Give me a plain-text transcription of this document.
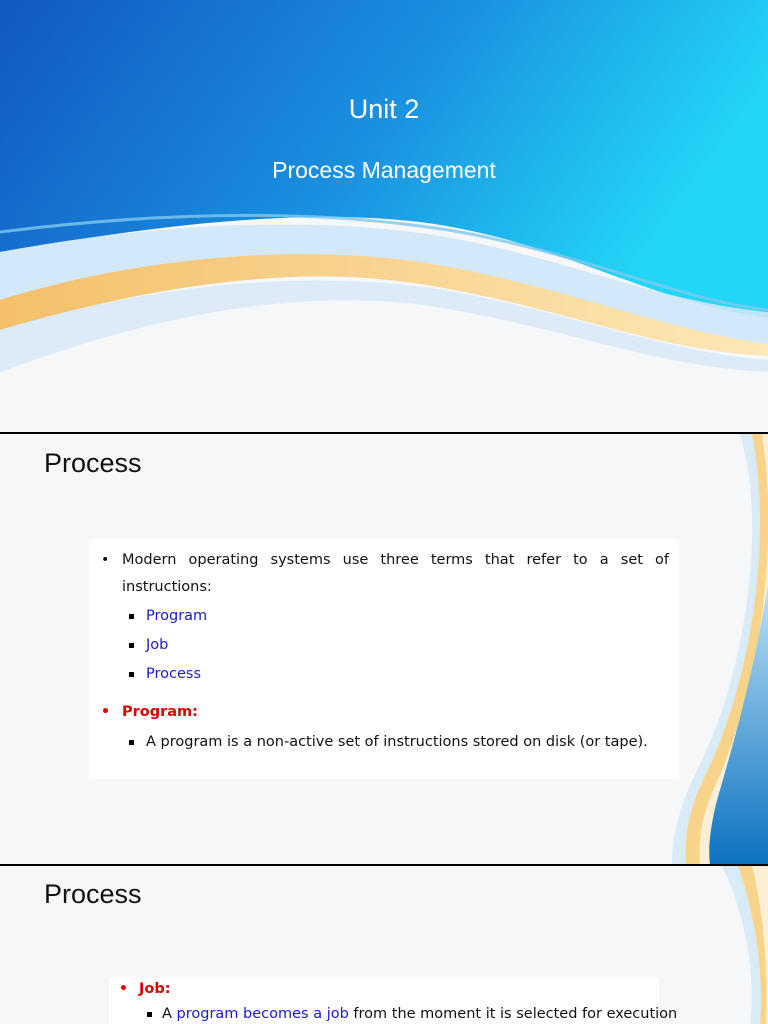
Unit 2
Process Management
Process
• Modern operating systems use three terms that refer to a set of instructions:
Program
Job
Process
• Program:
A program is a non-active set of instructions stored on disk (or tape).
Process
• Job:
A program becomes a job from the moment it is selected for execution
